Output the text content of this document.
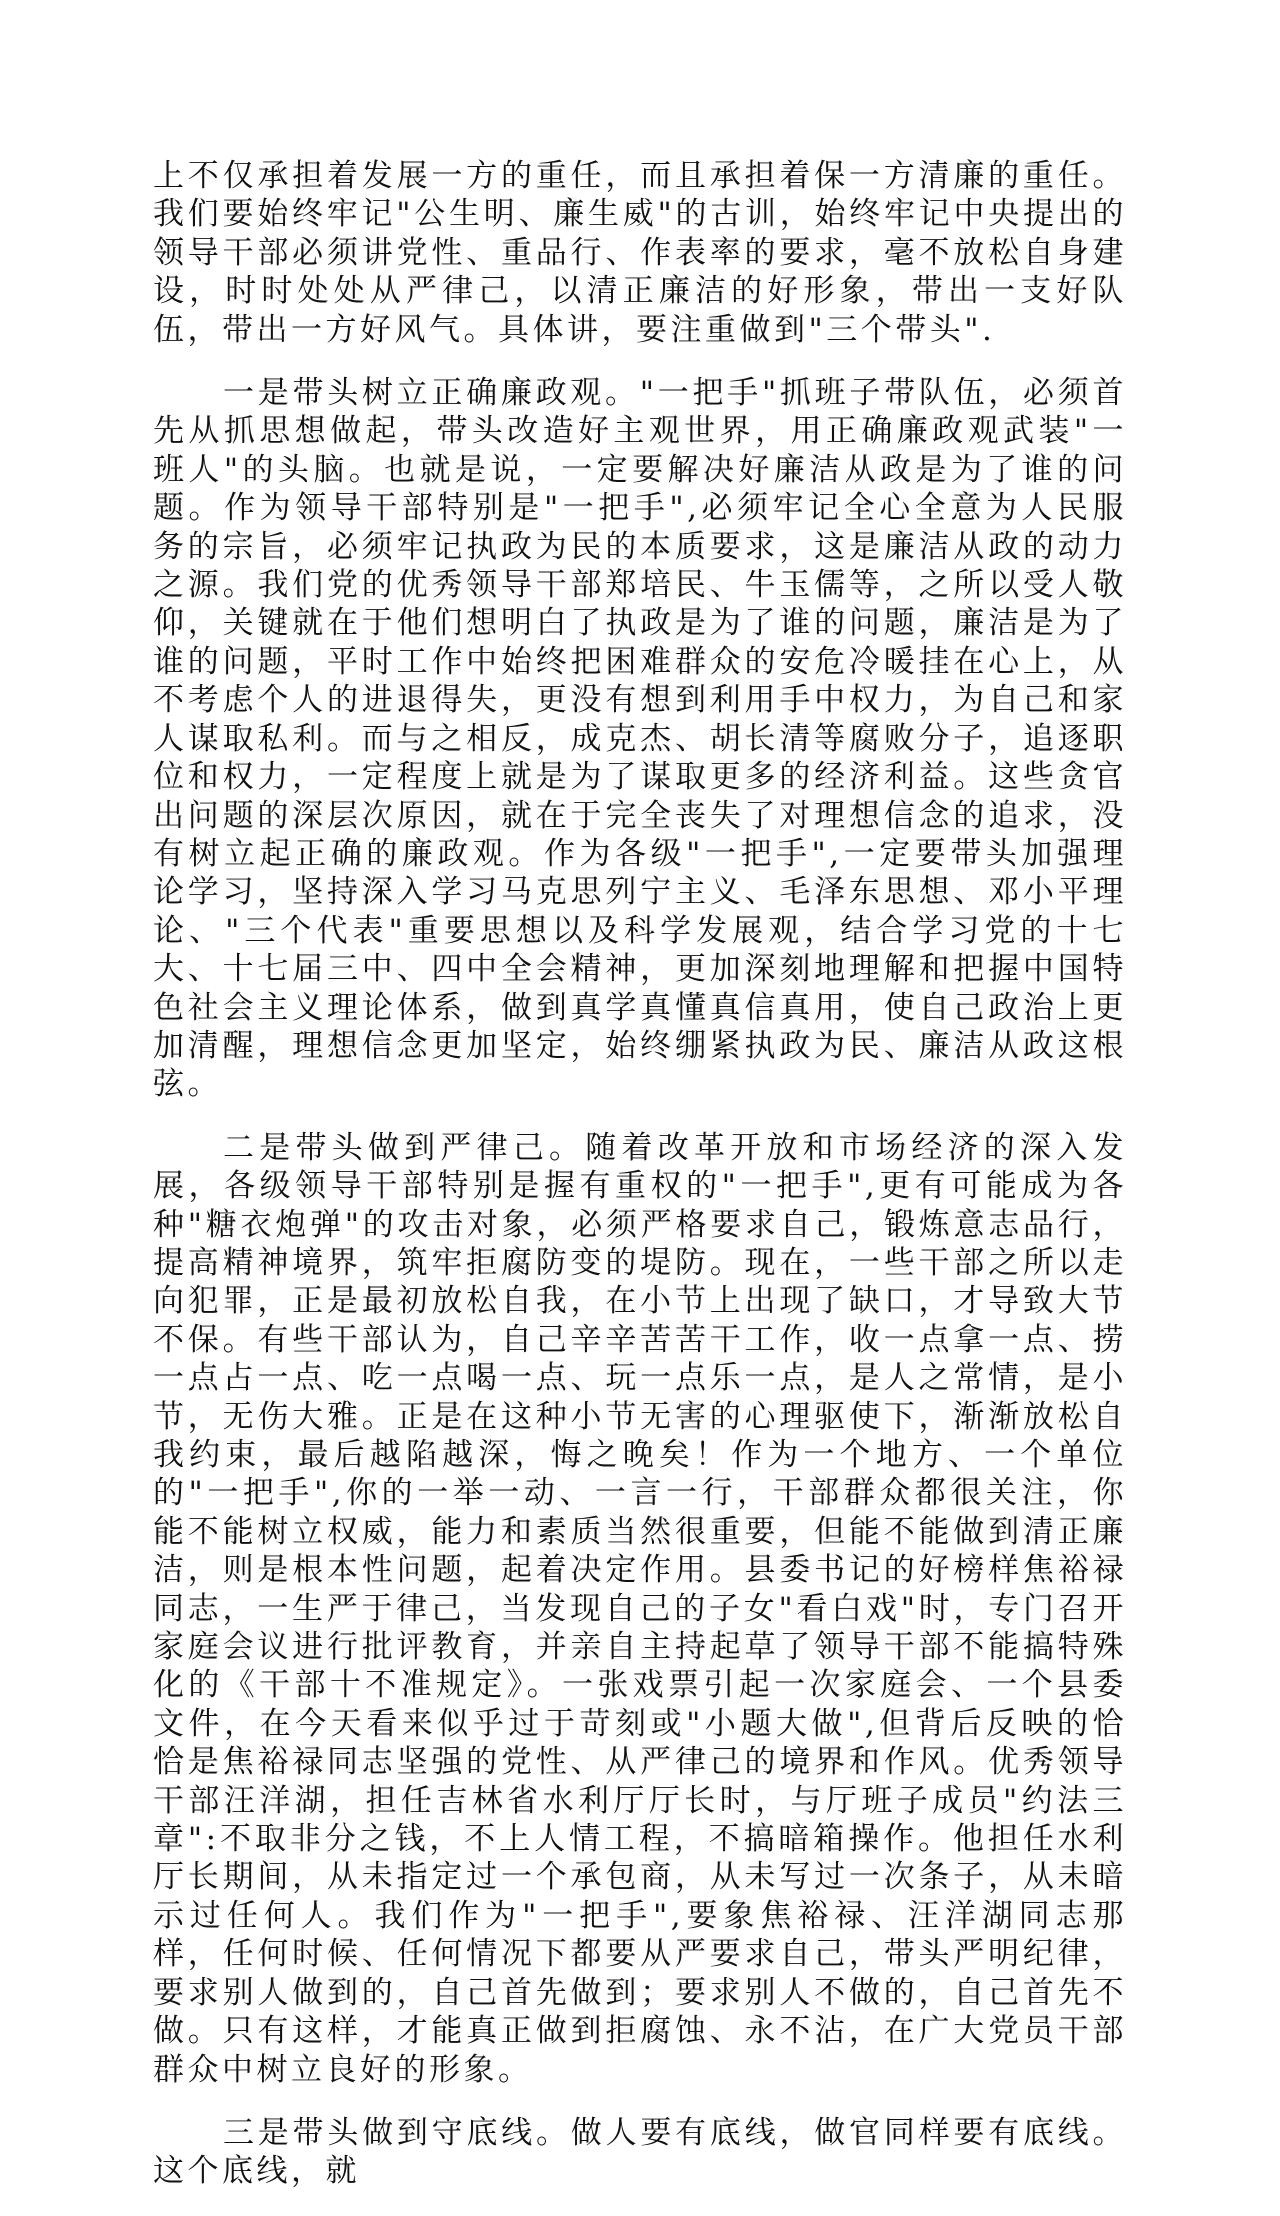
上不仅承担着发展一方的重任，而且承担着保一方清廉的重任。我们要始终牢记"公生明、廉生威"的古训，始终牢记中央提出的领导干部必须讲党性、重品行、作表率的要求，毫不放松自身建设，时时处处从严律己，以清正廉洁的好形象，带出一支好队伍，带出一方好风气。具体讲，要注重做到"三个带头".

一是带头树立正确廉政观。"一把手"抓班子带队伍，必须首先从抓思想做起，带头改造好主观世界，用正确廉政观武装"一班人"的头脑。也就是说，一定要解决好廉洁从政是为了谁的问题。作为领导干部特别是"一把手",必须牢记全心全意为人民服务的宗旨，必须牢记执政为民的本质要求，这是廉洁从政的动力之源。我们党的优秀领导干部郑培民、牛玉儒等，之所以受人敬仰，关键就在于他们想明白了执政是为了谁的问题，廉洁是为了谁的问题，平时工作中始终把困难群众的安危冷暖挂在心上，从不考虑个人的进退得失，更没有想到利用手中权力，为自己和家人谋取私利。而与之相反，成克杰、胡长清等腐败分子，追逐职位和权力，一定程度上就是为了谋取更多的经济利益。这些贪官出问题的深层次原因，就在于完全丧失了对理想信念的追求，没有树立起正确的廉政观。作为各级"一把手",一定要带头加强理论学习，坚持深入学习马克思列宁主义、毛泽东思想、邓小平理论、"三个代表"重要思想以及科学发展观，结合学习党的十七大、十七届三中、四中全会精神，更加深刻地理解和把握中国特色社会主义理论体系，做到真学真懂真信真用，使自己政治上更加清醒，理想信念更加坚定，始终绷紧执政为民、廉洁从政这根弦。

二是带头做到严律己。随着改革开放和市场经济的深入发展，各级领导干部特别是握有重权的"一把手",更有可能成为各种"糖衣炮弹"的攻击对象，必须严格要求自己，锻炼意志品行，提高精神境界，筑牢拒腐防变的堤防。现在，一些干部之所以走向犯罪，正是最初放松自我，在小节上出现了缺口，才导致大节不保。有些干部认为，自己辛辛苦苦干工作，收一点拿一点、捞一点占一点、吃一点喝一点、玩一点乐一点，是人之常情，是小节，无伤大雅。正是在这种小节无害的心理驱使下，渐渐放松自我约束，最后越陷越深，悔之晚矣！作为一个地方、一个单位的"一把手",你的一举一动、一言一行，干部群众都很关注，你能不能树立权威，能力和素质当然很重要，但能不能做到清正廉洁，则是根本性问题，起着决定作用。县委书记的好榜样焦裕禄同志，一生严于律己，当发现自己的子女"看白戏"时，专门召开家庭会议进行批评教育，并亲自主持起草了领导干部不能搞特殊化的《干部十不准规定》。一张戏票引起一次家庭会、一个县委文件，在今天看来似乎过于苛刻或"小题大做",但背后反映的恰恰是焦裕禄同志坚强的党性、从严律己的境界和作风。优秀领导干部汪洋湖，担任吉林省水利厅厅长时，与厅班子成员"约法三章":不取非分之钱，不上人情工程，不搞暗箱操作。他担任水利厅长期间，从未指定过一个承包商，从未写过一次条子，从未暗示过任何人。我们作为"一把手",要象焦裕禄、汪洋湖同志那样，任何时候、任何情况下都要从严要求自己，带头严明纪律，要求别人做到的，自己首先做到；要求别人不做的，自己首先不做。只有这样，才能真正做到拒腐蚀、永不沾，在广大党员干部群众中树立良好的形象。

三是带头做到守底线。做人要有底线，做官同样要有底线。这个底线，就
